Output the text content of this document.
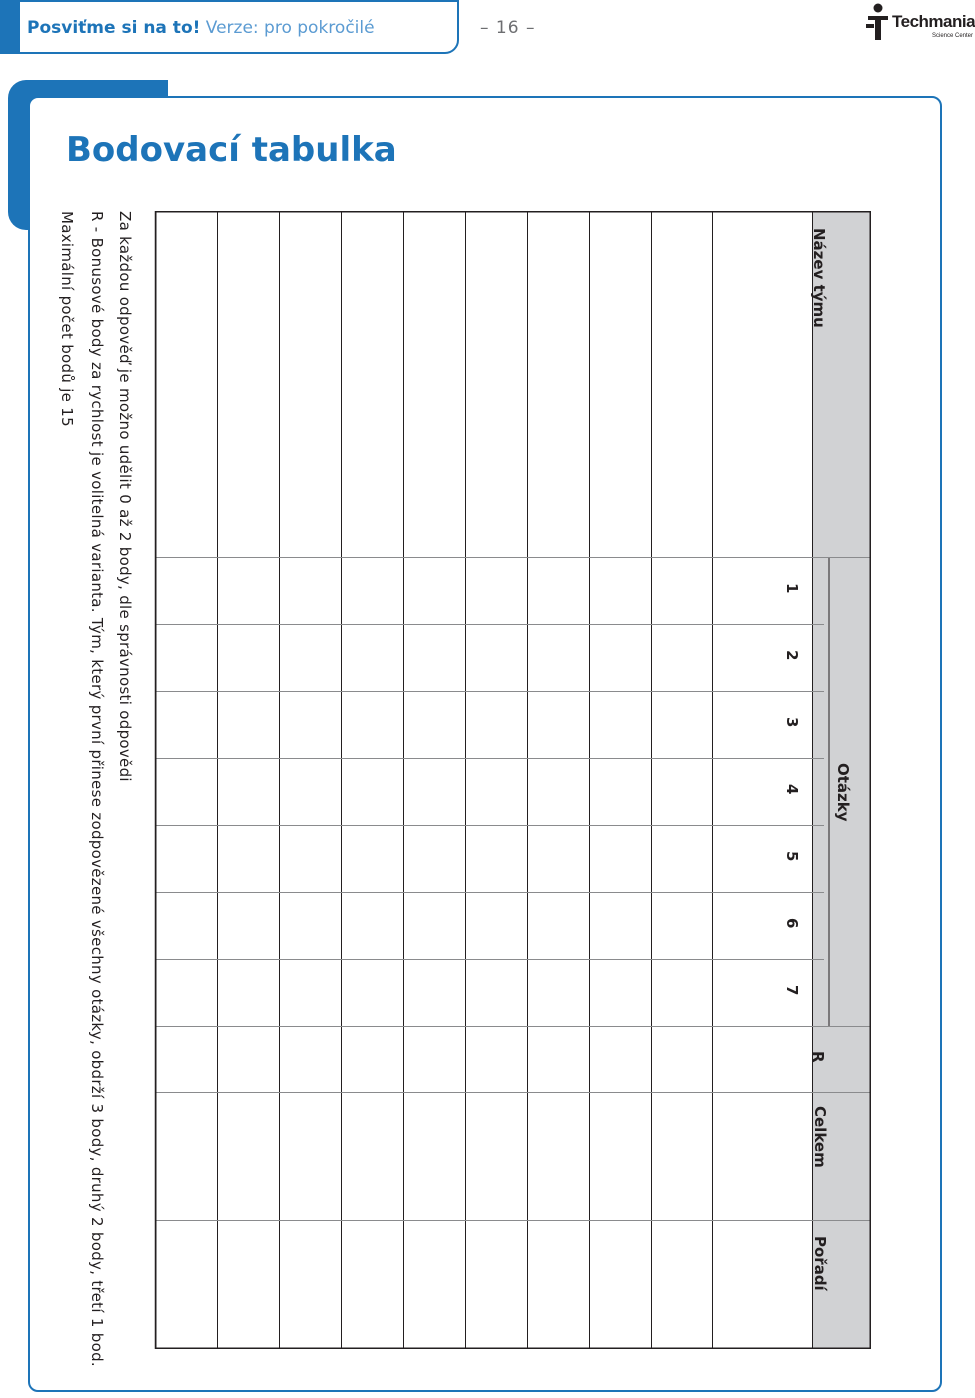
Posviťme si na to! Verze: pro pokročilé	– 16 –	Techmania
Science Center
Bodovací tabulka
Název týmu
Otázky
1
2
3
4
5
6
7
R
Celkem
Pořadí
Za každou odpověď je možno udělit 0 až 2 body, dle správnosti odpovědi
R - Bonusové body za rychlost je volitelná varianta. Tým, který první přinese zodpovězené všechny otázky, obdrží 3 body, druhý 2 body, třetí 1 bod.
Maximální počet bodů je 15
